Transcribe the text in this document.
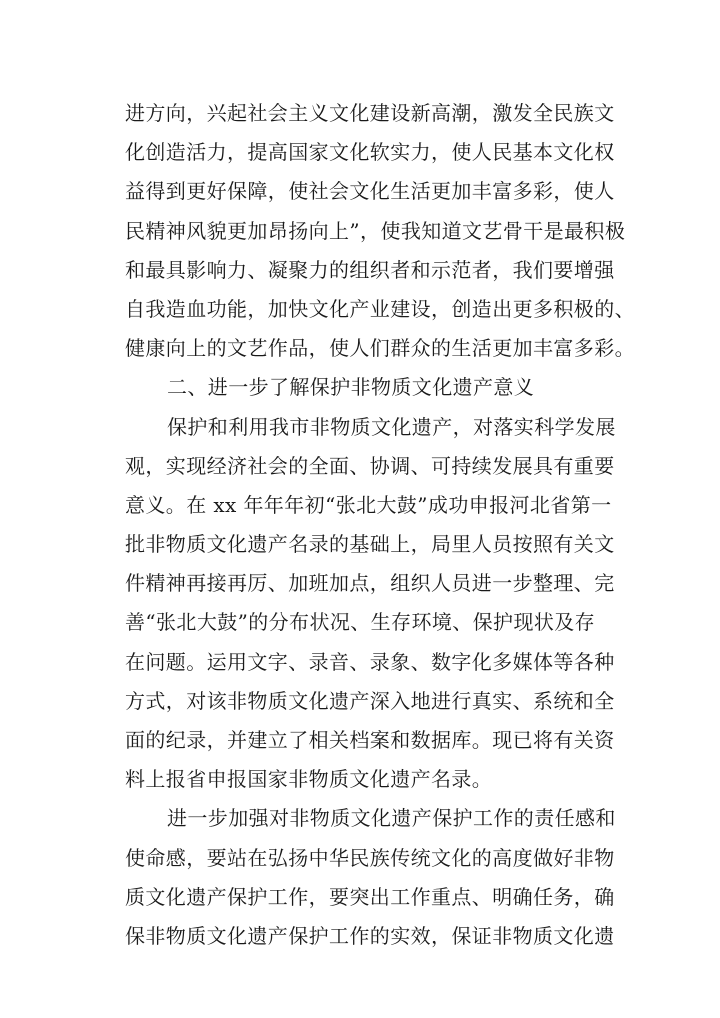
进方向，兴起社会主义文化建设新高潮，激发全民族文
化创造活力，提高国家文化软实力，使人民基本文化权
益得到更好保障，使社会文化生活更加丰富多彩，使人
民精神风貌更加昂扬向上”，使我知道文艺骨干是最积极
和最具影响力、凝聚力的组织者和示范者，我们要增强
自我造血功能，加快文化产业建设，创造出更多积极的、
健康向上的文艺作品，使人们群众的生活更加丰富多彩。
二、进一步了解保护非物质文化遗产意义
保护和利用我市非物质文化遗产，对落实科学发展
观，实现经济社会的全面、协调、可持续发展具有重要
意义。在 xx 年年年初“张北大鼓”成功申报河北省第一
批非物质文化遗产名录的基础上，局里人员按照有关文
件精神再接再厉、加班加点，组织人员进一步整理、完
善“张北大鼓”的分布状况、生存环境、保护现状及存
在问题。运用文字、录音、录象、数字化多媒体等各种
方式，对该非物质文化遗产深入地进行真实、系统和全
面的纪录，并建立了相关档案和数据库。现已将有关资
料上报省申报国家非物质文化遗产名录。
进一步加强对非物质文化遗产保护工作的责任感和
使命感，要站在弘扬中华民族传统文化的高度做好非物
质文化遗产保护工作，要突出工作重点、明确任务，确
保非物质文化遗产保护工作的实效，保证非物质文化遗
